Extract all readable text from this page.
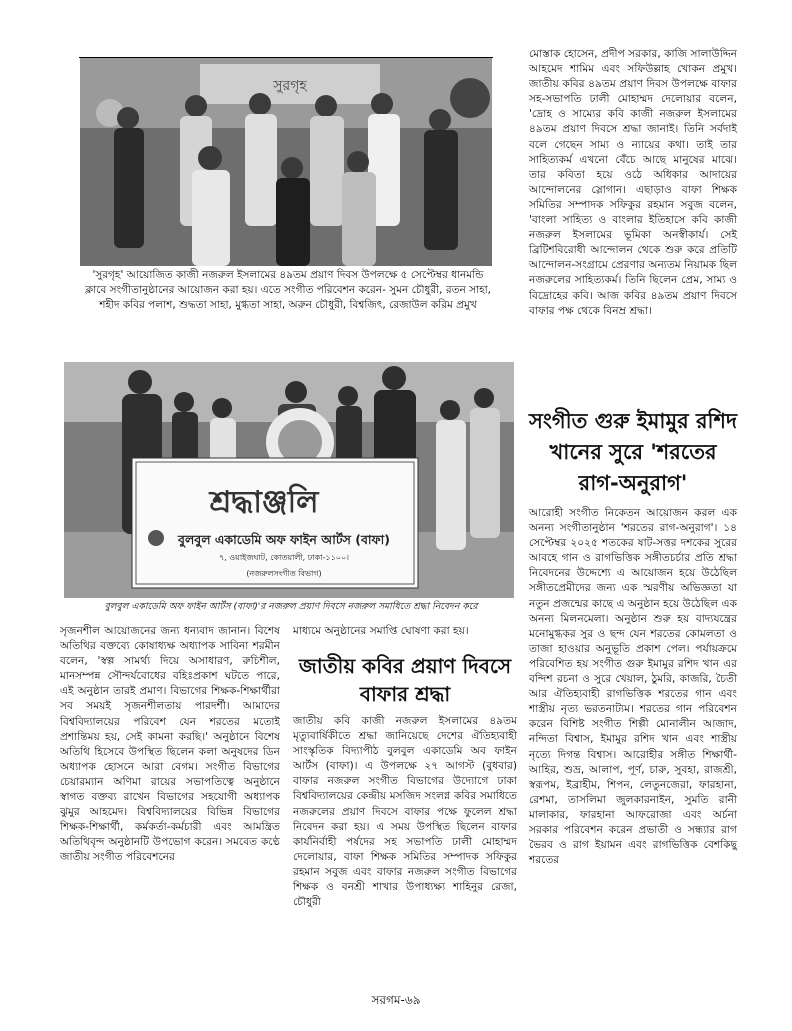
সুরগৃহ
'সুরগৃহ' আয়োজিত কাজী নজরুল ইসলামের ৪৯তম প্রয়াণ দিবস উপলক্ষে ৫ সেপ্টেম্বর ধানমন্ডি ক্লাবে সংগীতানুষ্ঠানের আয়োজন করা হয়। এতে সংগীত পরিবেশন করেন- সুমন চৌধুরী, রতন সাহা, শহীদ কবির পলাশ, শুদ্ধতা সাহা, মুগ্ধতা সাহা, অরুন চৌধুরী, বিশ্বজিৎ, রেজাউল করিম প্রমুখ
শ্রদ্ধাঞ্জলি
বুলবুল একাডেমি অফ ফাইন আর্টস (বাফা)
৭, ওয়াইজঘাট, কোতয়ালী, ঢাকা-১১০০।
(নজরুলসংগীত বিভাগ)
বুলবুল একাডেমি অফ ফাইন আর্টস (বাফা)'র নজরুল প্রয়াণ দিবসে নজরুল সমাধিতে শ্রদ্ধা নিবেদন করে

মোস্তাক হোসেন, প্রদীপ সরকার, কাজি সালাউদ্দিন আহমেদ শামিম এবং সফিউল্লাহ খোকন প্রমুখ। জাতীয় কবির ৪৯তম প্রয়াণ দিবস উপলক্ষে বাফার সহ-সভাপতি ঢালী মোহাম্মদ দেলোয়ার বলেন, 'দ্রোহ ও সাম্যের কবি কাজী নজরুল ইসলামের ৪৯তম প্রয়াণ দিবসে শ্রদ্ধা জানাই। তিনি সর্বদাই বলে গেছেন সাম্য ও ন্যায়ের কথা। তাই তার সাহিত্যকর্ম এখনো বেঁচে আছে মানুষের মাঝে। তার কবিতা হয়ে ওঠে অধিকার আদায়ের আন্দোলনের স্লোগান। এছাড়াও বাফা শিক্ষক সমিতির সম্পাদক সফিকুর রহমান সবুজ বলেন, 'বাংলা সাহিত্য ও বাংলার ইতিহাসে কবি কাজী নজরুল ইসলামের ভূমিকা অনস্বীকার্য। সেই ব্রিটিশবিরোধী আন্দোলন থেকে শুরু করে প্রতিটি আন্দোলন-সংগ্রামে প্রেরণার অন্যতম নিয়ামক ছিল নজরুলের সাহিত্যকর্ম। তিনি ছিলেন প্রেম, সাম্য ও বিদ্রোহের কবি। আজ কবির ৪৯তম প্রয়াণ দিবসে বাফার পক্ষ থেকে বিনম্র শ্রদ্ধা।

সংগীত গুরু ইমামুর রশিদ খানের সুরে 'শরতের রাগ-অনুরাগ'

আরোহী সংগীত নিকেতন আয়োজন করল এক অনন্য সংগীতানুষ্ঠান 'শরতের রাগ-অনুরাগ'। ১৪ সেপ্টেম্বর ২০২৫ শতকের ষাট-সত্তর দশকের সুরের আবহে গান ও রাগভিত্তিক সঙ্গীতচর্চার প্রতি শ্রদ্ধা নিবেদনের উদ্দেশ্যে এ আয়োজন হয়ে উঠেছিল সঙ্গীতপ্রেমীদের জন্য এক স্মরণীয় অভিজ্ঞতা যা নতুন প্রজন্মের কাছে এ অনুষ্ঠান হয়ে উঠেছিল এক অনন্য মিলনমেলা। অনুষ্ঠান শুরু হয় বাদ্যযন্ত্রের মনোমুগ্ধকর সুর ও ছন্দ যেন শরতের কোমলতা ও তাজা হাওয়ার অনুভূতি প্রকাশ পেল। পর্যায়ক্রমে পরিবেশিত হয় সংগীত গুরু ইমামুর রশিদ খান এর বন্দিশ রচনা ও সুরে খেয়াল, ঠুমরি, কাজরি, চৈতী আর ঐতিহ্যবাহী রাগভিত্তিক শরতের গান এবং শাস্ত্রীয় নৃত্য ভরতনাট্যম। শরতের গান পরিবেশন করেন বিশিষ্ট সংগীত শিল্পী মোনালীন আজাদ, নন্দিতা বিশ্বাস, ইমামুর রশিদ খান এবং শাস্ত্রীয় নৃত্যে দিগন্ত বিশ্বাস। আরোহীর সঙ্গীত শিক্ষার্থী- আহির, শুভ্র, আলাপ, পূর্ণ, চারু, সুবহা, রাজশ্রী, স্বরূপম, ইব্রাহীম, শিপন, লেতুনজেরা, ফারহানা, রেশমা, তাসলিমা জুলকারনাইন, সুমতি রানী মালাকার, ফারহানা আফরোজা এবং অর্চনা সরকার পরিবেশন করেন প্রভাতী ও সন্ধ্যার রাগ ভৈরব ও রাগ ইয়ামন এবং রাগভিত্তিক বেশকিছু শরতের

সৃজনশীল আয়োজনের জন্য ধন্যবাদ জানান। বিশেষ অতিথির বক্তব্যে কোষাধ্যক্ষ অধ্যাপক সাবিনা শরমীন বলেন, 'স্বল্প সামর্থ্য দিয়ে অসাধারণ, রুচিশীল, মানসম্পন্ন সৌন্দর্যবোধের বহিঃপ্রকাশ ঘটতে পারে, এই অনুষ্ঠান তারই প্রমাণ। বিভাগের শিক্ষক-শিক্ষার্থীরা সব সময়ই সৃজনশীলতায় পারদর্শী। আমাদের বিশ্ববিদ্যালয়ের পরিবেশ যেন শরতের মতোই প্রশান্তিময় হয়, সেই কামনা করছি।' অনুষ্ঠানে বিশেষ অতিথি হিসেবে উপস্থিত ছিলেন কলা অনুষদের ডিন অধ্যাপক হোসনে আরা বেগম। সংগীত বিভাগের চেয়ারম্যান অণিমা রায়ের সভাপতিত্বে অনুষ্ঠানে স্বাগত বক্তব্য রাখেন বিভাগের সহযোগী অধ্যাপক ঝুমুর আহমেদ। বিশ্ববিদ্যালয়ের বিভিন্ন বিভাগের শিক্ষক-শিক্ষার্থী, কর্মকর্তা-কর্মচারী এবং আমন্ত্রিত অতিথিবৃন্দ অনুষ্ঠানটি উপভোগ করেন। সমবেত কণ্ঠে জাতীয় সংগীত পরিবেশনের

মাধ্যমে অনুষ্ঠানের সমাপ্তি ঘোষণা করা হয়।

জাতীয় কবির প্রয়াণ দিবসে বাফার শ্রদ্ধা

জাতীয় কবি কাজী নজরুল ইসলামের ৪৯তম মৃত্যুবার্ষিকীতে শ্রদ্ধা জানিয়েছে দেশের ঐতিহ্যবাহী সাংস্কৃতিক বিদ্যাপীঠ বুলবুল একাডেমি অব ফাইন আর্টস (বাফা)। এ উপলক্ষে ২৭ আগস্ট (বুধবার) বাফার নজরুল সংগীত বিভাগের উদ্যোগে ঢাকা বিশ্ববিদ্যালয়ের কেন্দ্রীয় মসজিদ সংলগ্ন কবির সমাধিতে নজরুলের প্রয়াণ দিবসে বাফার পক্ষে ফুলেল শ্রদ্ধা নিবেদন করা হয়। এ সময় উপস্থিত ছিলেন বাফার কার্যনির্বাহী পর্ষদের সহ সভাপতি ঢালী মোহাম্মদ দেলোয়ার, বাফা শিক্ষক সমিতির সম্পাদক সফিকুর রহমান সবুজ এবং বাফার নজরুল সংগীত বিভাগের শিক্ষক ও বনশ্রী শাখার উপাধ্যক্ষ্য শাহিনুর রেজা, চৌধুরী

সরগম-৬৯
